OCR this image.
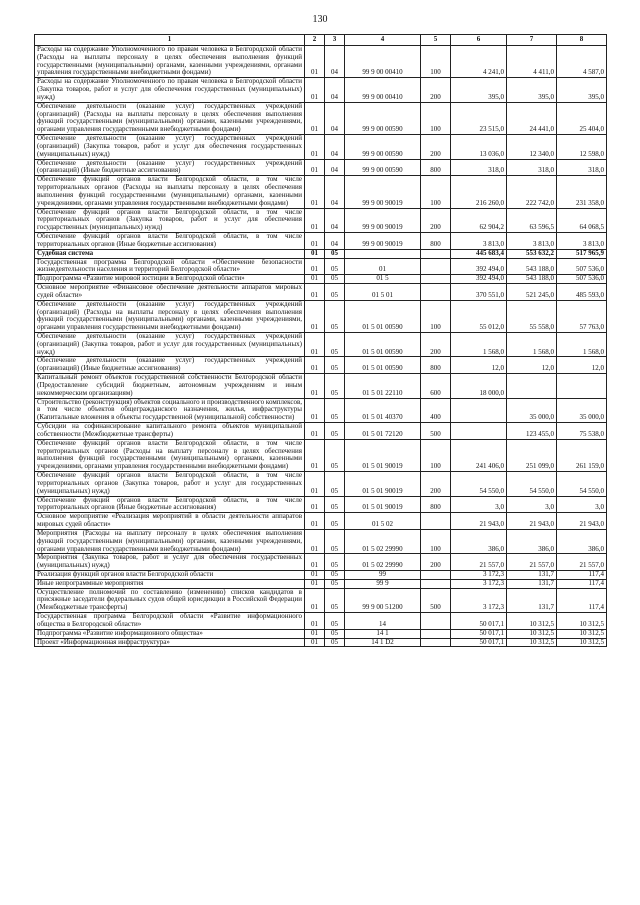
130
1	2	3	4	5	6	7	8
Расходы на содержание Уполномоченного по правам человека в Белгородской области (Расходы на выплаты персоналу в целях обеспечения выполнения функций государственными (муниципальными) органами, казенными учреждениями, органами управления государственными внебюджетными фондами)	01	04	99 9 00 00410	100	4 241,0	4 411,0	4 587,0
Расходы на содержание Уполномоченного по правам человека в Белгородской области (Закупка товаров, работ и услуг для обеспечения государственных (муниципальных) нужд)	01	04	99 9 00 00410	200	395,0	395,0	395,0
Обеспечение деятельности (оказание услуг) государственных учреждений (организаций) (Расходы на выплаты персоналу в целях обеспечения выполнения функций государственными (муниципальными) органами, казенными учреждениями, органами управления государственными внебюджетными фондами)	01	04	99 9 00 00590	100	23 515,0	24 441,0	25 404,0
Обеспечение деятельности (оказание услуг) государственных учреждений (организаций) (Закупка товаров, работ и услуг для обеспечения государственных (муниципальных) нужд)	01	04	99 9 00 00590	200	13 036,0	12 340,0	12 598,0
Обеспечение деятельности (оказание услуг) государственных учреждений (организаций) (Иные бюджетные ассигнования)	01	04	99 9 00 00590	800	318,0	318,0	318,0
Обеспечение функций органов власти Белгородской области, в том числе территориальных органов (Расходы на выплаты персоналу в целях обеспечения выполнения функций государственными (муниципальными) органами, казенными учреждениями, органами управления государственными внебюджетными фондами)	01	04	99 9 00 90019	100	216 260,0	222 742,0	231 358,0
Обеспечение функций органов власти Белгородской области, в том числе территориальных органов (Закупка товаров, работ и услуг для обеспечения государственных (муниципальных) нужд)	01	04	99 9 00 90019	200	62 904,2	63 596,5	64 068,5
Обеспечение функций органов власти Белгородской области, в том числе территориальных органов (Иные бюджетные ассигнования)	01	04	99 9 00 90019	800	3 813,0	3 813,0	3 813,0
Судебная система	01	05			445 683,4	553 632,2	517 965,9
Государственная программа Белгородской области «Обеспечение безопасности жизнедеятельности населения и территорий Белгородской области»	01	05	01		392 494,0	543 188,0	507 536,0
Подпрограмма «Развитие мировой юстиции в Белгородской области»	01	05	01 5		392 494,0	543 188,0	507 536,0
Основное мероприятие «Финансовое обеспечение деятельности аппаратов мировых судей области»	01	05	01 5 01		370 551,0	521 245,0	485 593,0
Обеспечение деятельности (оказание услуг) государственных учреждений (организаций) (Расходы на выплаты персоналу в целях обеспечения выполнения функций государственными (муниципальными) органами, казенными учреждениями, органами управления государственными внебюджетными фондами)	01	05	01 5 01 00590	100	55 012,0	55 558,0	57 763,0
Обеспечение деятельности (оказание услуг) государственных учреждений (организаций) (Закупка товаров, работ и услуг для государственных (муниципальных) нужд)	01	05	01 5 01 00590	200	1 568,0	1 568,0	1 568,0
Обеспечение деятельности (оказание услуг) государственных учреждений (организаций) (Иные бюджетные ассигнования)	01	05	01 5 01 00590	800	12,0	12,0	12,0
Капитальный ремонт объектов государственной собственности Белгородской области (Предоставление субсидий бюджетным, автономным учреждениям и иным некоммерческим организациям)	01	05	01 5 01 22110	600	18 000,0		
Строительство (реконструкция) объектов социального и производственного комплексов, в том числе объектов общегражданского назначения, жилья, инфраструктуры (Капитальные вложения в объекты государственной (муниципальной) собственности)	01	05	01 5 01 40370	400		35 000,0	35 000,0
Субсидии на софинансирование капитального ремонта объектов муниципальной собственности (Межбюджетные трансферты)	01	05	01 5 01 72120	500		123 455,0	75 538,0
Обеспечение функций органов власти Белгородской области, в том числе территориальных органов (Расходы на выплату персоналу в целях обеспечения выполнения функций государственными (муниципальными) органами, казенными учреждениями, органами управления государственными внебюджетными фондами)	01	05	01 5 01 90019	100	241 406,0	251 099,0	261 159,0
Обеспечение функций органов власти Белгородской области, в том числе территориальных органов (Закупка товаров, работ и услуг для государственных (муниципальных) нужд)	01	05	01 5 01 90019	200	54 550,0	54 550,0	54 550,0
Обеспечение функций органов власти Белгородской области, в том числе территориальных органов (Иные бюджетные ассигнования)	01	05	01 5 01 90019	800	3,0	3,0	3,0
Основное мероприятие «Реализация мероприятий в области деятельности аппаратов мировых судей области»	01	05	01 5 02		21 943,0	21 943,0	21 943,0
Мероприятия (Расходы на выплату персоналу в целях обеспечения выполнения функций государственными (муниципальными) органами, казенными учреждениями, органами управления государственными внебюджетными фондами)	01	05	01 5 02 29990	100	386,0	386,0	386,0
Мероприятия (Закупка товаров, работ и услуг для обеспечения государственных (муниципальных) нужд)	01	05	01 5 02 29990	200	21 557,0	21 557,0	21 557,0
Реализация функций органов власти Белгородской области	01	05	99		3 172,3	131,7	117,4
Иные непрограммные мероприятия	01	05	99 9		3 172,3	131,7	117,4
Осуществление полномочий по составлению (изменению) списков кандидатов в присяжные заседатели федеральных судов общей юрисдикции в Российской Федерации (Межбюджетные трансферты)	01	05	99 9 00 51200	500	3 172,3	131,7	117,4
Государственная программа Белгородской области «Развитие информационного общества в Белгородской области»	01	05	14		50 017,1	10 312,5	10 312,5
Подпрограмма «Развитие информационного общества»	01	05	14 1		50 017,1	10 312,5	10 312,5
Проект «Информационная инфраструктура»	01	05	14 1 D2		50 017,1	10 312,5	10 312,5
